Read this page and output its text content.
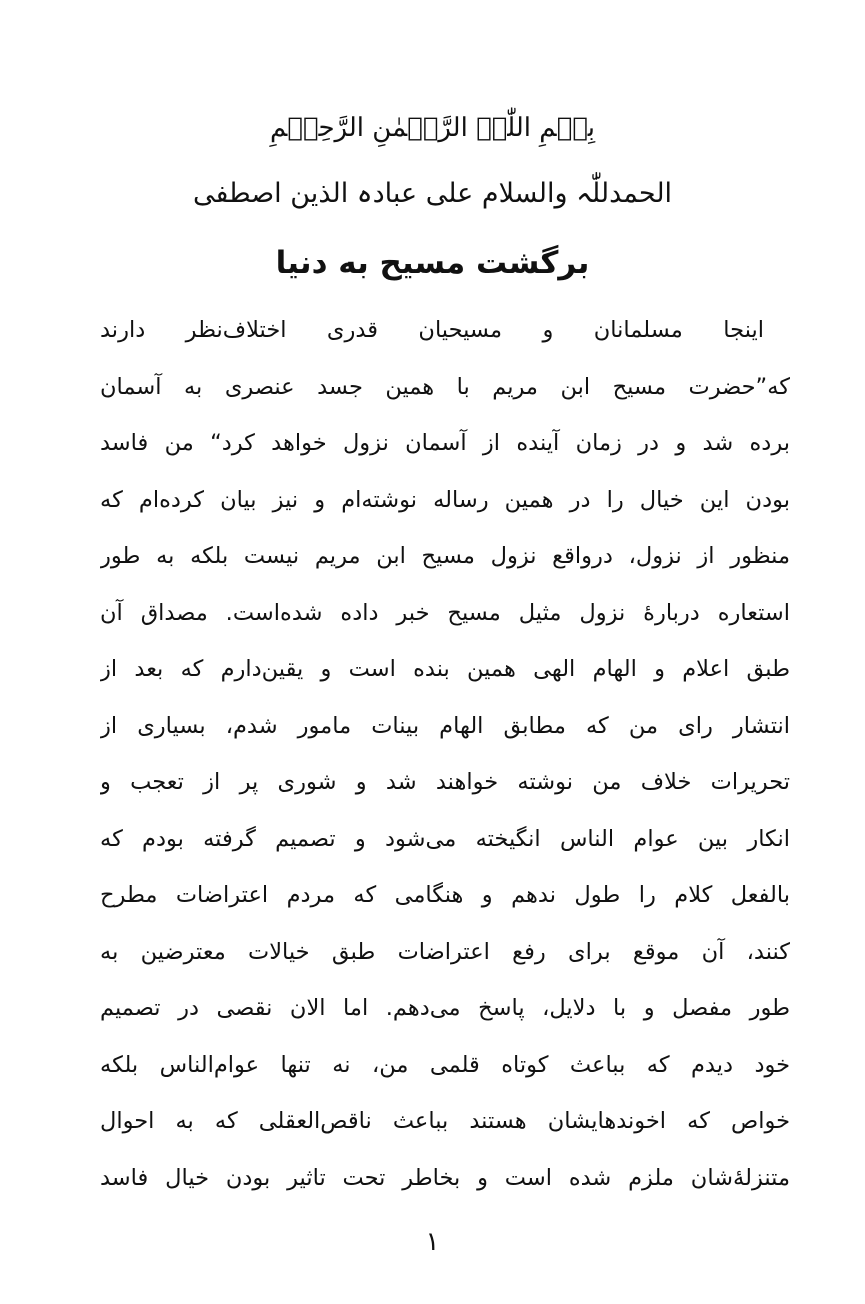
بِسۡمِ اللّٰہِ الرَّحۡمٰنِ الرَّحِیۡمِ
الحمدللّٰہ والسلام علی عبادہ الذین اصطفی
برگشت مسیح به دنیا
اینجا مسلمانان و مسیحیان قدری اختلاف‌نظر دارند
که”حضرت مسیح ابن مریم با همین جسد عنصری به آسمان
برده شد و در زمان آینده از آسمان نزول خواهد کرد“ من فاسد
بودن این خیال را در همین رساله نوشته‌ام و نیز بیان کرده‌ام که
منظور از نزول، درواقع نزول مسیح ابن مریم نیست بلکه به طور
استعاره دربارۀ نزول مثیل مسیح خبر داده شده‌است. مصداق آن
طبق اعلام و الهام الهی همین بنده است و یقین‌دارم که بعد از
انتشار رای من که مطابق الهام بینات مامور شدم، بسیاری از
تحریرات خلاف من نوشته خواهند شد و شوری پر از تعجب و
انکار بین عوام الناس انگیخته می‌شود و تصمیم گرفته بودم که
بالفعل کلام را طول ندهم و هنگامی که مردم اعتراضات مطرح
کنند، آن موقع برای رفع اعتراضات طبق خیالات معترضین به
طور مفصل و با دلایل، پاسخ می‌دهم. اما الان نقصی در تصمیم
خود دیدم که بباعث کوتاه قلمی من، نه تنها عوام‌الناس بلکه
خواص که اخوندهایشان هستند بباعث ناقص‌العقلی که به احوال
متنزلۀشان ملزم شده است و بخاطر تحت تاثیر بودن خیال فاسد
١
